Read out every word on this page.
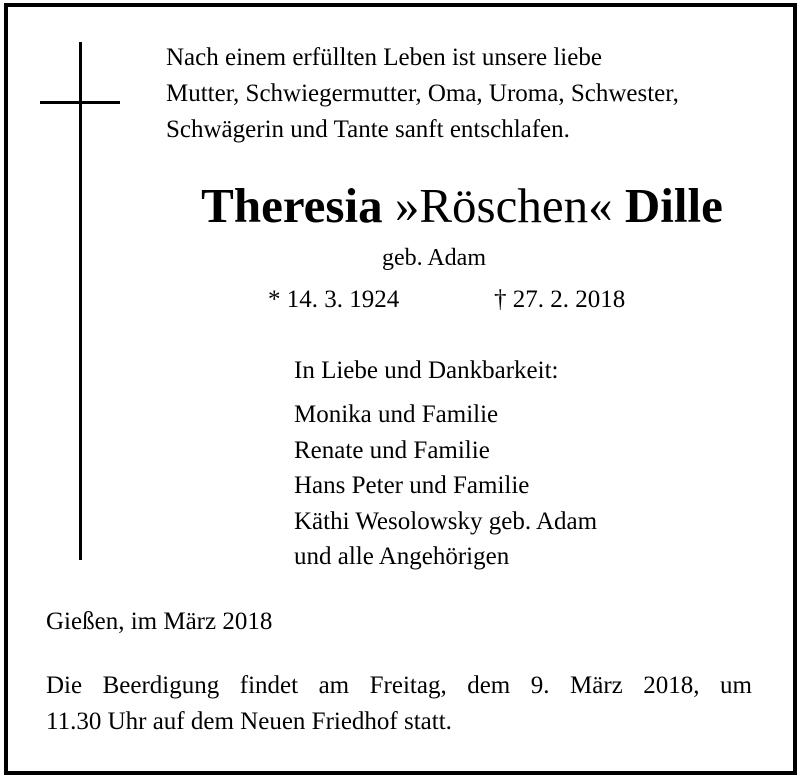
Nach einem erfüllten Leben ist unsere liebe
Mutter, Schwiegermutter, Oma, Uroma, Schwester,
Schwägerin und Tante sanft entschlafen.
Theresia »Röschen« Dille
geb. Adam
* 14. 3. 1924	† 27. 2. 2018
In Liebe und Dankbarkeit:
Monika und Familie
Renate und Familie
Hans Peter und Familie
Käthi Wesolowsky geb. Adam
und alle Angehörigen
Gießen, im März 2018
Die Beerdigung findet am Freitag, dem 9. März 2018, um
11.30 Uhr auf dem Neuen Friedhof statt.
